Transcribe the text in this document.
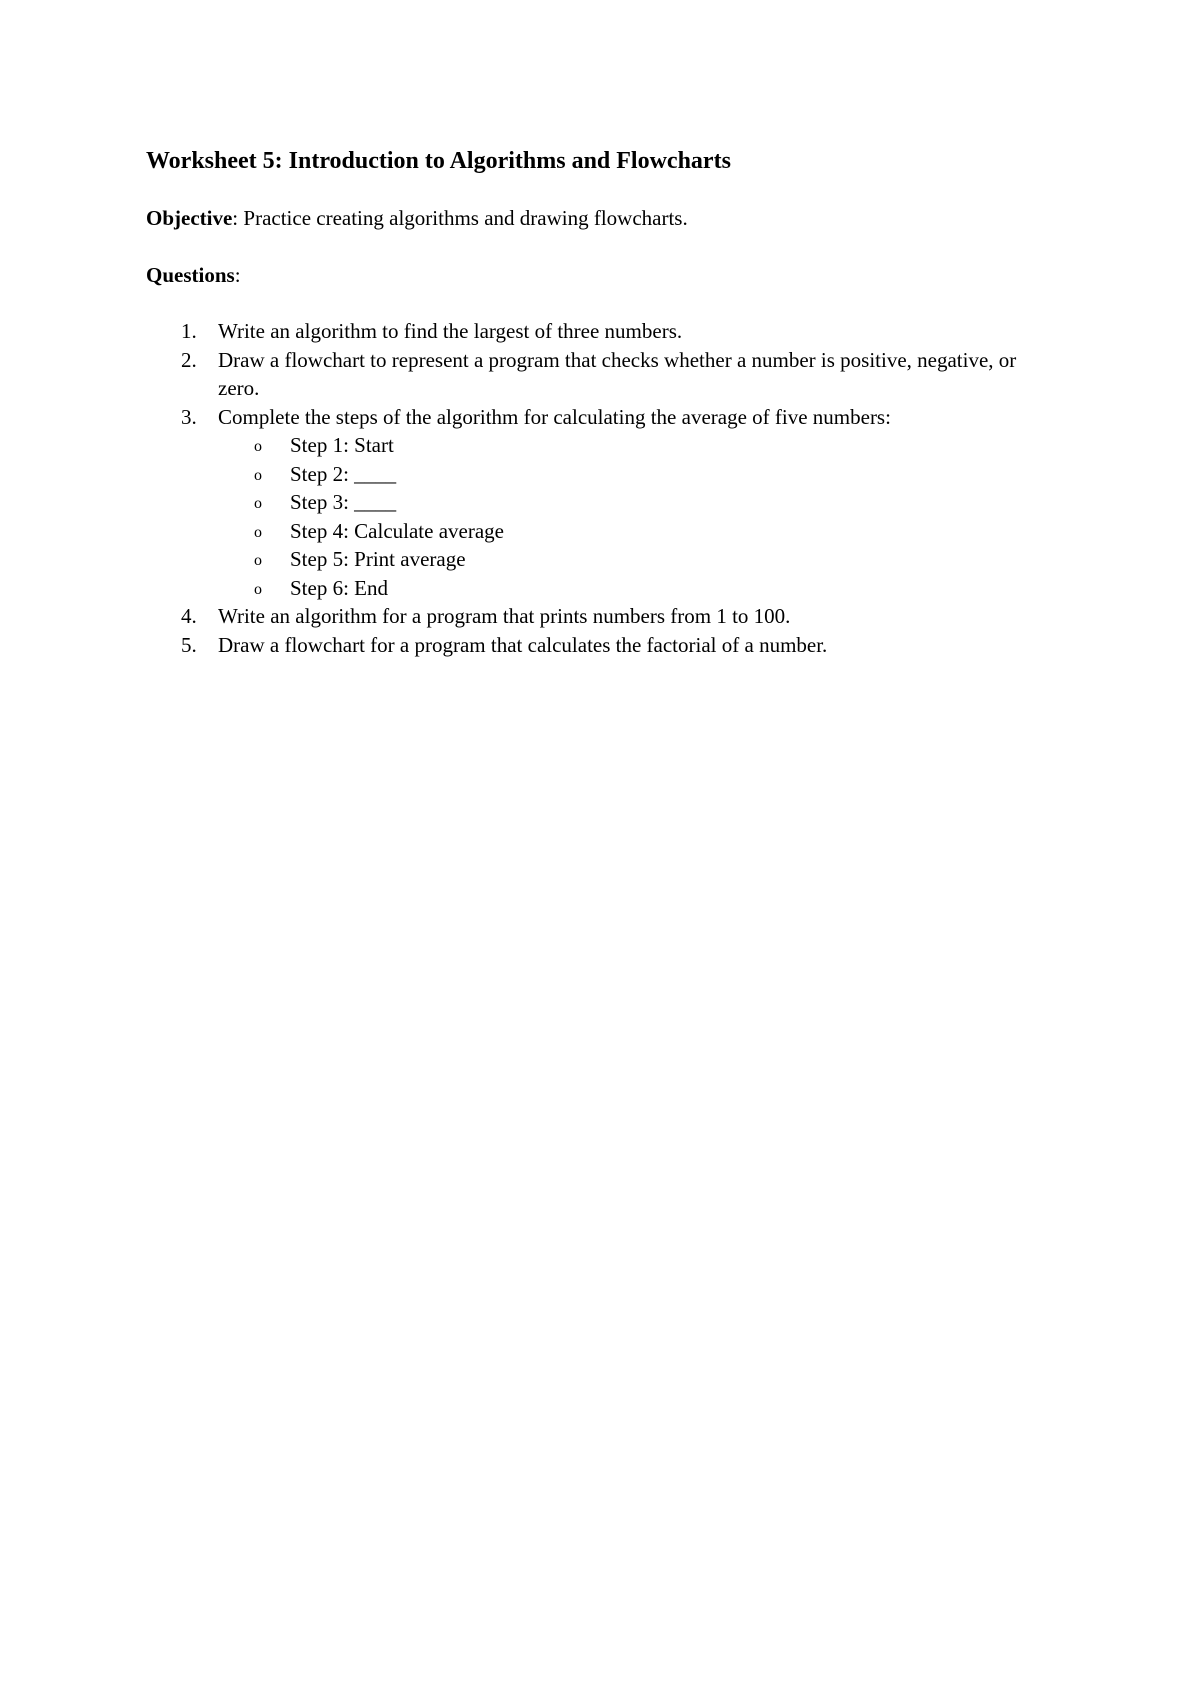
Worksheet 5: Introduction to Algorithms and Flowcharts

Objective: Practice creating algorithms and drawing flowcharts.

Questions:

1. Write an algorithm to find the largest of three numbers.
2. Draw a flowchart to represent a program that checks whether a number is positive, negative, or zero.
3. Complete the steps of the algorithm for calculating the average of five numbers:
o Step 1: Start
o Step 2: ____
o Step 3: ____
o Step 4: Calculate average
o Step 5: Print average
o Step 6: End
4. Write an algorithm for a program that prints numbers from 1 to 100.
5. Draw a flowchart for a program that calculates the factorial of a number.
